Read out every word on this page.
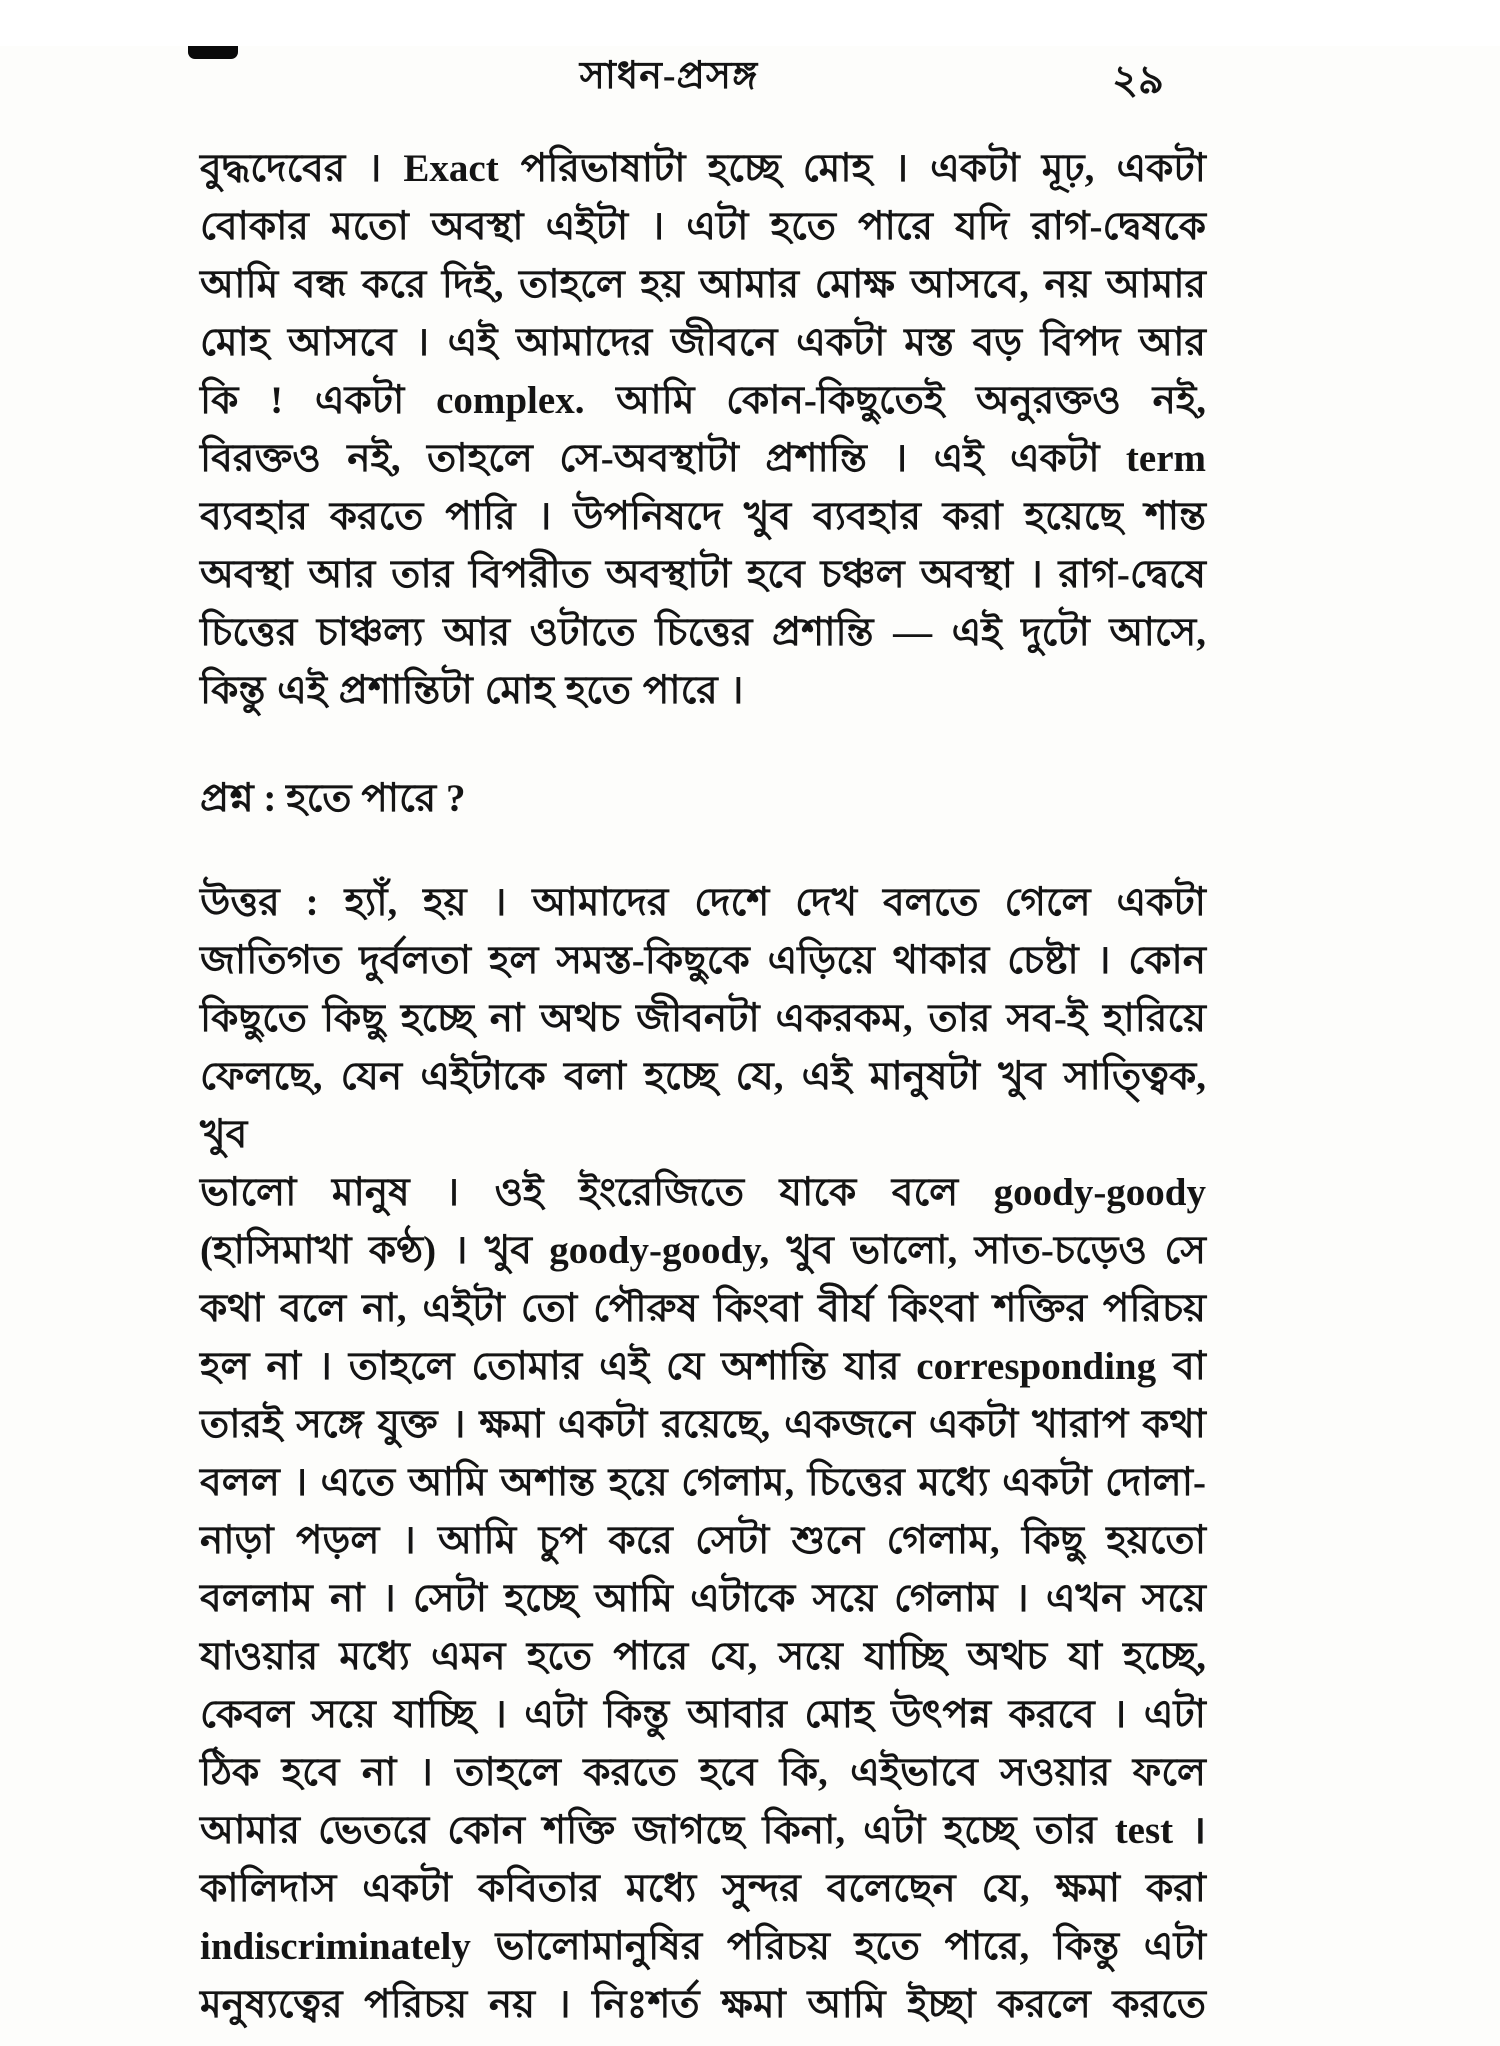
সাধন-প্রসঙ্গ	২৯
বুদ্ধদেবের । Exact পরিভাষাটা হচ্ছে মোহ । একটা মূঢ়, একটা
বোকার মতো অবস্থা এইটা । এটা হতে পারে যদি রাগ-দ্বেষকে
আমি বন্ধ করে দিই, তাহলে হয় আমার মোক্ষ আসবে, নয় আমার
মোহ আসবে । এই আমাদের জীবনে একটা মস্ত বড় বিপদ আর
কি ! একটা complex. আমি কোন-কিছুতেই অনুরক্তও নই,
বিরক্তও নই, তাহলে সে-অবস্থাটা প্রশান্তি । এই একটা term
ব্যবহার করতে পারি । উপনিষদে খুব ব্যবহার করা হয়েছে শান্ত
অবস্থা আর তার বিপরীত অবস্থাটা হবে চঞ্চল অবস্থা । রাগ-দ্বেষে
চিত্তের চাঞ্চল্য আর ওটাতে চিত্তের প্রশান্তি — এই দুটো আসে,
কিন্তু এই প্রশান্তিটা মোহ হতে পারে ।
প্রশ্ন : হতে পারে ?
উত্তর : হ্যাঁ, হয় । আমাদের দেশে দেখ বলতে গেলে একটা
জাতিগত দুর্বলতা হল সমস্ত-কিছুকে এড়িয়ে থাকার চেষ্টা । কোন
কিছুতে কিছু হচ্ছে না অথচ জীবনটা একরকম, তার সব-ই হারিয়ে
ফেলছে, যেন এইটাকে বলা হচ্ছে যে, এই মানুষটা খুব সাত্ত্বিক, খুব
ভালো মানুষ । ওই ইংরেজিতে যাকে বলে goody-goody
(হাসিমাখা কণ্ঠ) । খুব goody-goody, খুব ভালো, সাত-চড়েও সে
কথা বলে না, এইটা তো পৌরুষ কিংবা বীর্য কিংবা শক্তির পরিচয়
হল না । তাহলে তোমার এই যে অশান্তি যার corresponding বা
তারই সঙ্গে যুক্ত । ক্ষমা একটা রয়েছে, একজনে একটা খারাপ কথা
বলল । এতে আমি অশান্ত হয়ে গেলাম, চিত্তের মধ্যে একটা দোলা-
নাড়া পড়ল । আমি চুপ করে সেটা শুনে গেলাম, কিছু হয়তো
বললাম না । সেটা হচ্ছে আমি এটাকে সয়ে গেলাম । এখন সয়ে
যাওয়ার মধ্যে এমন হতে পারে যে, সয়ে যাচ্ছি অথচ যা হচ্ছে,
কেবল সয়ে যাচ্ছি । এটা কিন্তু আবার মোহ উৎপন্ন করবে । এটা
ঠিক হবে না । তাহলে করতে হবে কি, এইভাবে সওয়ার ফলে
আমার ভেতরে কোন শক্তি জাগছে কিনা, এটা হচ্ছে তার test ।
কালিদাস একটা কবিতার মধ্যে সুন্দর বলেছেন যে, ক্ষমা করা
indiscriminately ভালোমানুষির পরিচয় হতে পারে, কিন্তু এটা
মনুষ্যত্বের পরিচয় নয় । নিঃশর্ত ক্ষমা আমি ইচ্ছা করলে করতে
